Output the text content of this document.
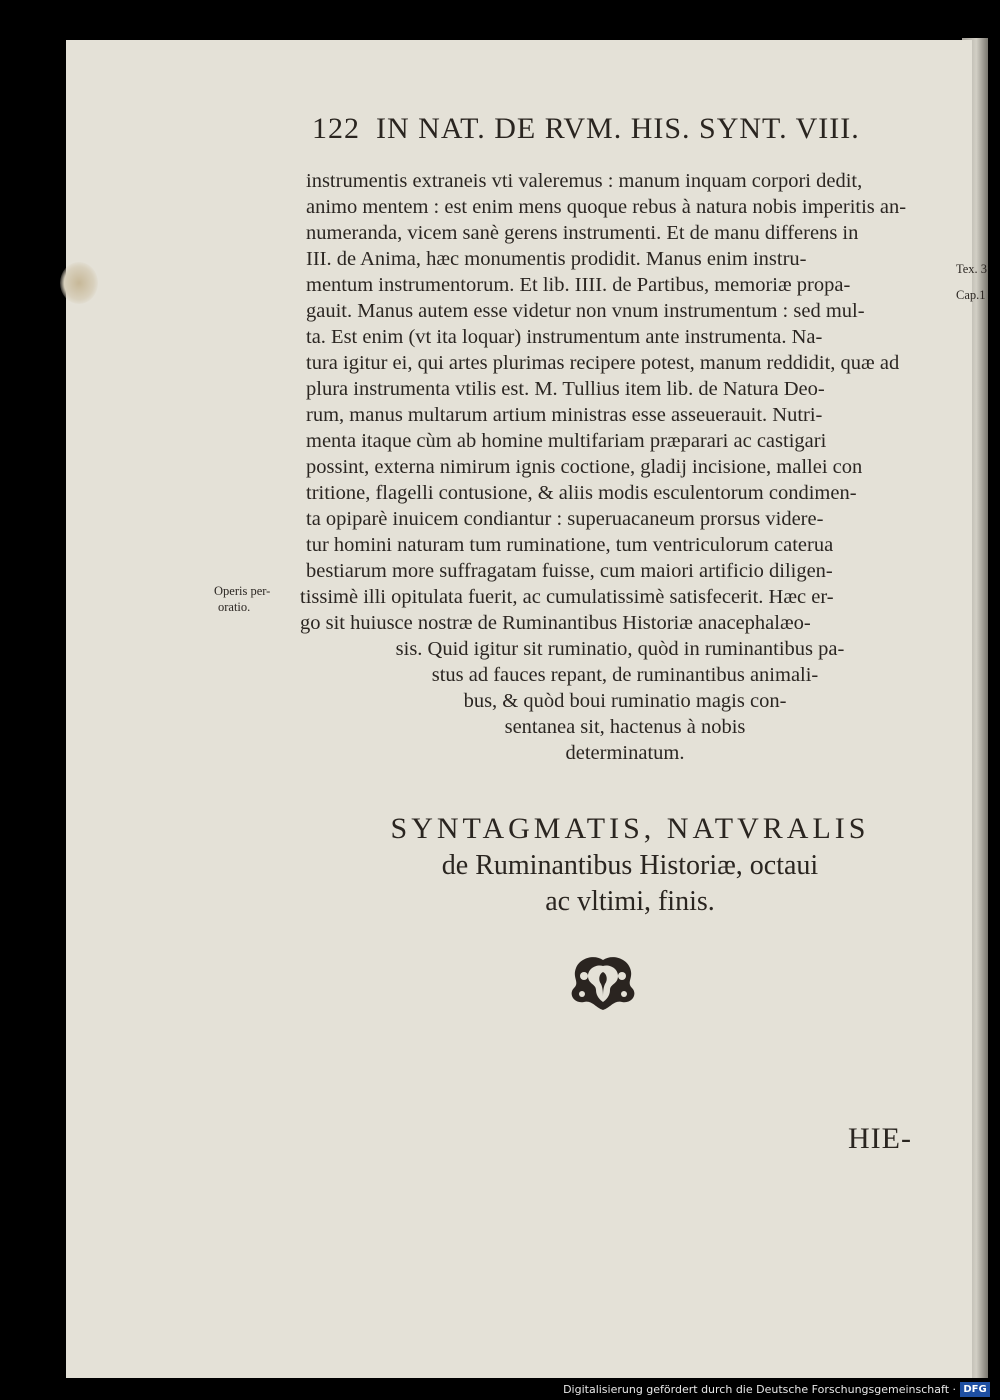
122 IN NAT. DE RVM. HIS. SYNT. VIII.
instrumentis extraneis vti valeremus : manum inquam corpori dedit,
animo mentem : est enim mens quoque rebus à natura nobis imperitis an-
numeranda, vicem sanè gerens instrumenti. Et de manu differens in
III. de Anima, hæc monumentis prodidit. Manus enim instru-
mentum instrumentorum. Et lib. IIII. de Partibus, memoriæ propa-
gauit. Manus autem esse videtur non vnum instrumentum : sed mul-
ta. Est enim (vt ita loquar) instrumentum ante instrumenta. Na-
tura igitur ei, qui artes plurimas recipere potest, manum reddidit, quæ ad
plura instrumenta vtilis est. M. Tullius item lib. de Natura Deo-
rum, manus multarum artium ministras esse asseuerauit. Nutri-
menta itaque cùm ab homine multifariam præparari ac castigari
possint, externa nimirum ignis coctione, gladij incisione, mallei con
tritione, flagelli contusione, & aliis modis esculentorum condimen-
ta opiparè inuicem condiantur : superuacaneum prorsus videre-
tur homini naturam tum ruminatione, tum ventriculorum caterua
bestiarum more suffragatam fuisse, cum maiori artificio diligen-
tissimè illi opitulata fuerit, ac cumulatissimè satisfecerit. Hæc er-
go sit huiusce nostræ de Ruminantibus Historiæ anacephalæo-
sis. Quid igitur sit ruminatio, quòd in ruminantibus pa-
stus ad fauces repant, de ruminantibus animali-
bus, & quòd boui ruminatio magis con-
sentanea sit, hactenus à nobis
determinatum.
Tex. 3
Cap.1
Operis per-
oratio.
SYNTAGMATIS, NATVRALIS
de Ruminantibus Historiæ, octaui
ac vltimi, finis.
HIE-
Digitalisierung gefördert durch die Deutsche Forschungsgemeinschaft · DFG
